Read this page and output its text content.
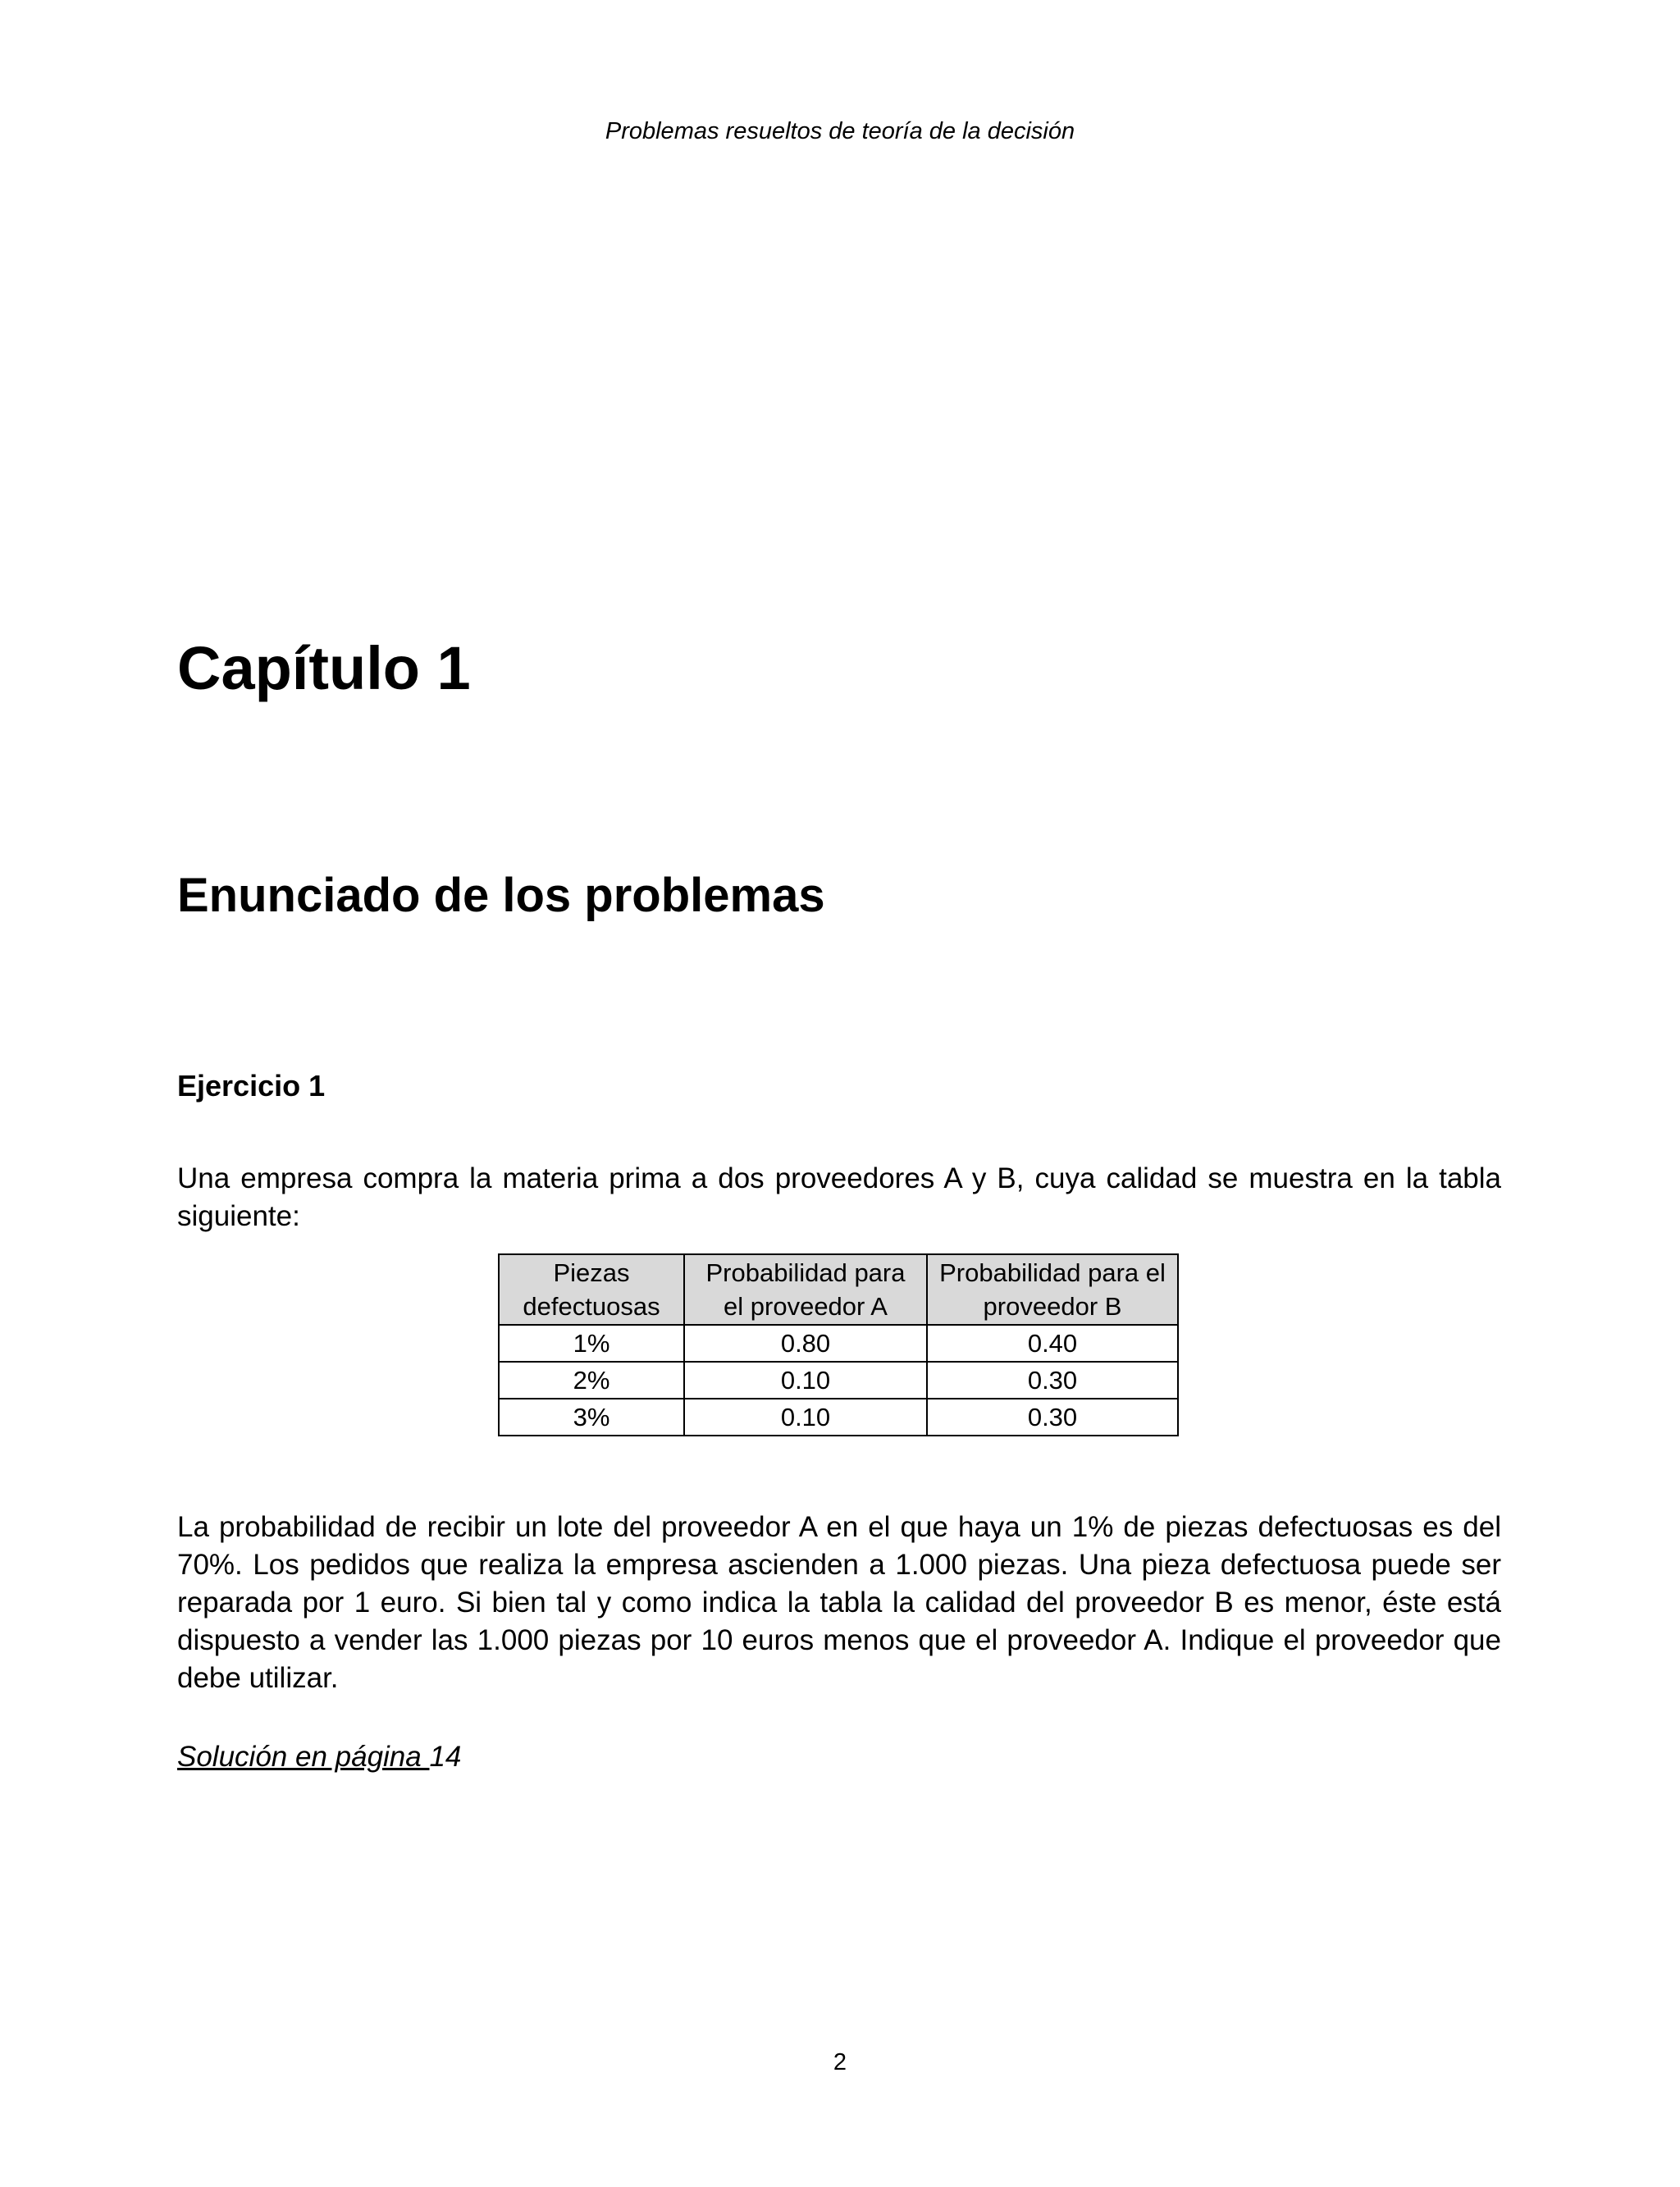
Problemas resueltos de teoría de la decisión
Capítulo 1
Enunciado de los problemas
Ejercicio 1

Una empresa compra la materia prima a dos proveedores A y B, cuya calidad se muestra en la tabla siguiente:

Piezas defectuosas	Probabilidad para el proveedor A	Probabilidad para el proveedor B
1%	0.80	0.40
2%	0.10	0.30
3%	0.10	0.30

La probabilidad de recibir un lote del proveedor A en el que haya un 1% de piezas defectuosas es del 70%. Los pedidos que realiza la empresa ascienden a 1.000 piezas. Una pieza defectuosa puede ser reparada por 1 euro. Si bien tal y como indica la tabla la calidad del proveedor B es menor, éste está dispuesto a vender las 1.000 piezas por 10 euros menos que el proveedor A. Indique el proveedor que debe utilizar.

Solución en página 14
2
